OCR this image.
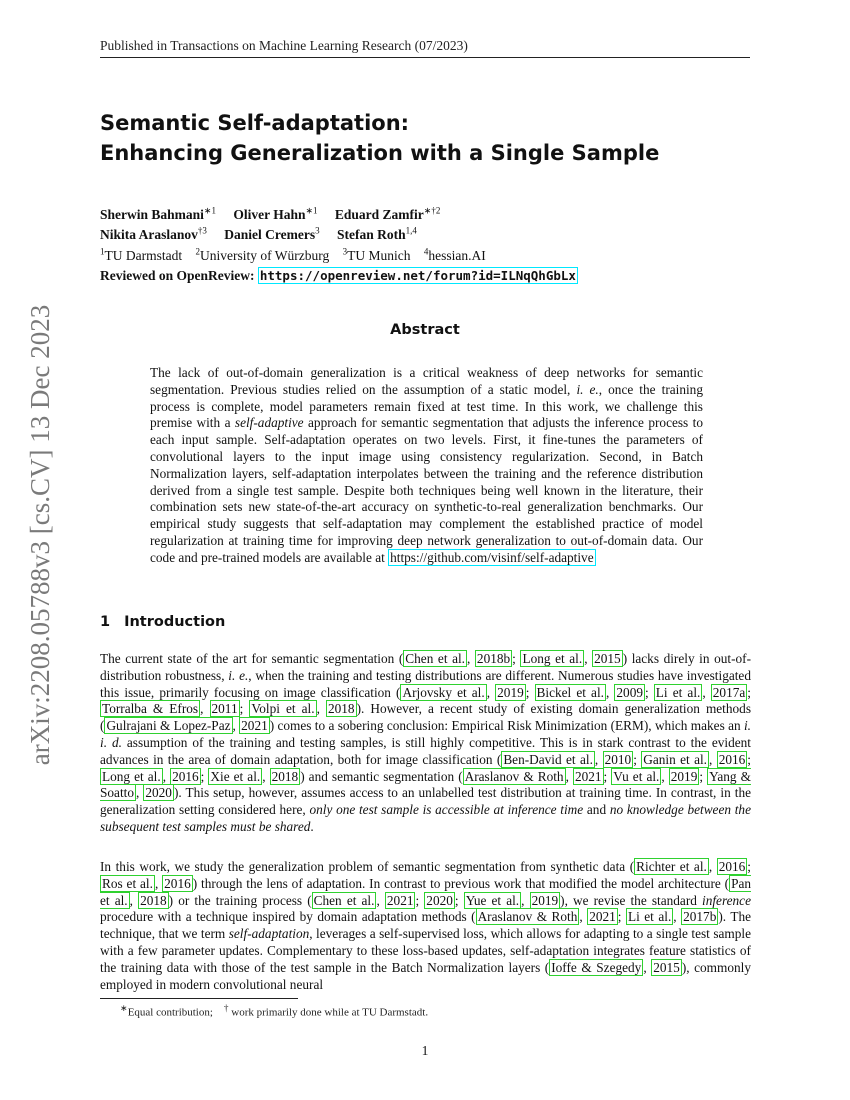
Published in Transactions on Machine Learning Research (07/2023)
arXiv:2208.05788v3 [cs.CV] 13 Dec 2023
Semantic Self-adaptation:
Enhancing Generalization with a Single Sample
Sherwin Bahmani$^{∗1}$ Oliver Hahn$^{∗1}$ Eduard Zamfir$^{∗\dagger 2}$
Nikita Araslanov$^{\dagger 3}$ Daniel Cremers$^3$ Stefan Roth$^{1,4}$
$^1$TU Darmstadt $^2$University of Würzburg $^3$TU Munich $^4$hessian.AI
Reviewed on OpenReview: https://openreview.net/forum?id=ILNqQhGbLx
Abstract
The lack of out-of-domain generalization is a critical weakness of deep networks for semantic segmentation. Previous studies relied on the assumption of a static model, i. e., once the training process is complete, model parameters remain fixed at test time. In this work, we challenge this premise with a self-adaptive approach for semantic segmentation that adjusts the inference process to each input sample. Self-adaptation operates on two levels. First, it fine-tunes the parameters of convolutional layers to the input image using consistency regularization. Second, in Batch Normalization layers, self-adaptation interpolates between the training and the reference distribution derived from a single test sample. Despite both techniques being well known in the literature, their combination sets new state-of-the-art accuracy on synthetic-to-real generalization benchmarks. Our empirical study suggests that self-adaptation may complement the established practice of model regularization at training time for improving deep network generalization to out-of-domain data. Our code and pre-trained models are available at https://github.com/visinf/self-adaptive
1 Introduction
The current state of the art for semantic segmentation ( Chen et al. , 2018b ; Long et al. , 2015 ) lacks direly in out-of-distribution robustness, i. e., when the training and testing distributions are different. Numerous studies have investigated this issue, primarily focusing on image classification ( Arjovsky et al. , 2019 ; Bickel et al. , 2009 ; Li et al. , 2017a ; Torralba & Efros , 2011 ; Volpi et al. , 2018 ). However, a recent study of existing domain generalization methods ( Gulrajani & Lopez-Paz , 2021 ) comes to a sobering conclusion: Empirical Risk Minimization (ERM), which makes an i. i. d. assumption of the training and testing samples, is still highly competitive. This is in stark contrast to the evident advances in the area of domain adaptation, both for image classification ( Ben-David et al. , 2010 ; Ganin et al. , 2016 ; Long et al. , 2016 ; Xie et al. , 2018 ) and semantic segmentation ( Araslanov & Roth , 2021 ; Vu et al. , 2019 ; Yang & Soatto , 2020 ). This setup, however, assumes access to an unlabelled test distribution at training time. In contrast, in the generalization setting considered here, only one test sample is accessible at inference time and no knowledge between the subsequent test samples must be shared.
In this work, we study the generalization problem of semantic segmentation from synthetic data ( Richter et al. , 2016 ; Ros et al. , 2016 ) through the lens of adaptation. In contrast to previous work that modified the model architecture ( Pan et al. , 2018 ) or the training process ( Chen et al. , 2021 ; 2020 ; Yue et al. , 2019 ), we revise the standard inference procedure with a technique inspired by domain adaptation methods ( Araslanov & Roth , 2021 ; Li et al. , 2017b ). The technique, that we term self-adaptation, leverages a self-supervised loss, which allows for adapting to a single test sample with a few parameter updates. Complementary to these loss-based updates, self-adaptation integrates feature statistics of the training data with those of the test sample in the Batch Normalization layers ( Ioffe & Szegedy , 2015 ), commonly employed in modern convolutional neural
∗Equal contribution; † work primarily done while at TU Darmstadt.
1
